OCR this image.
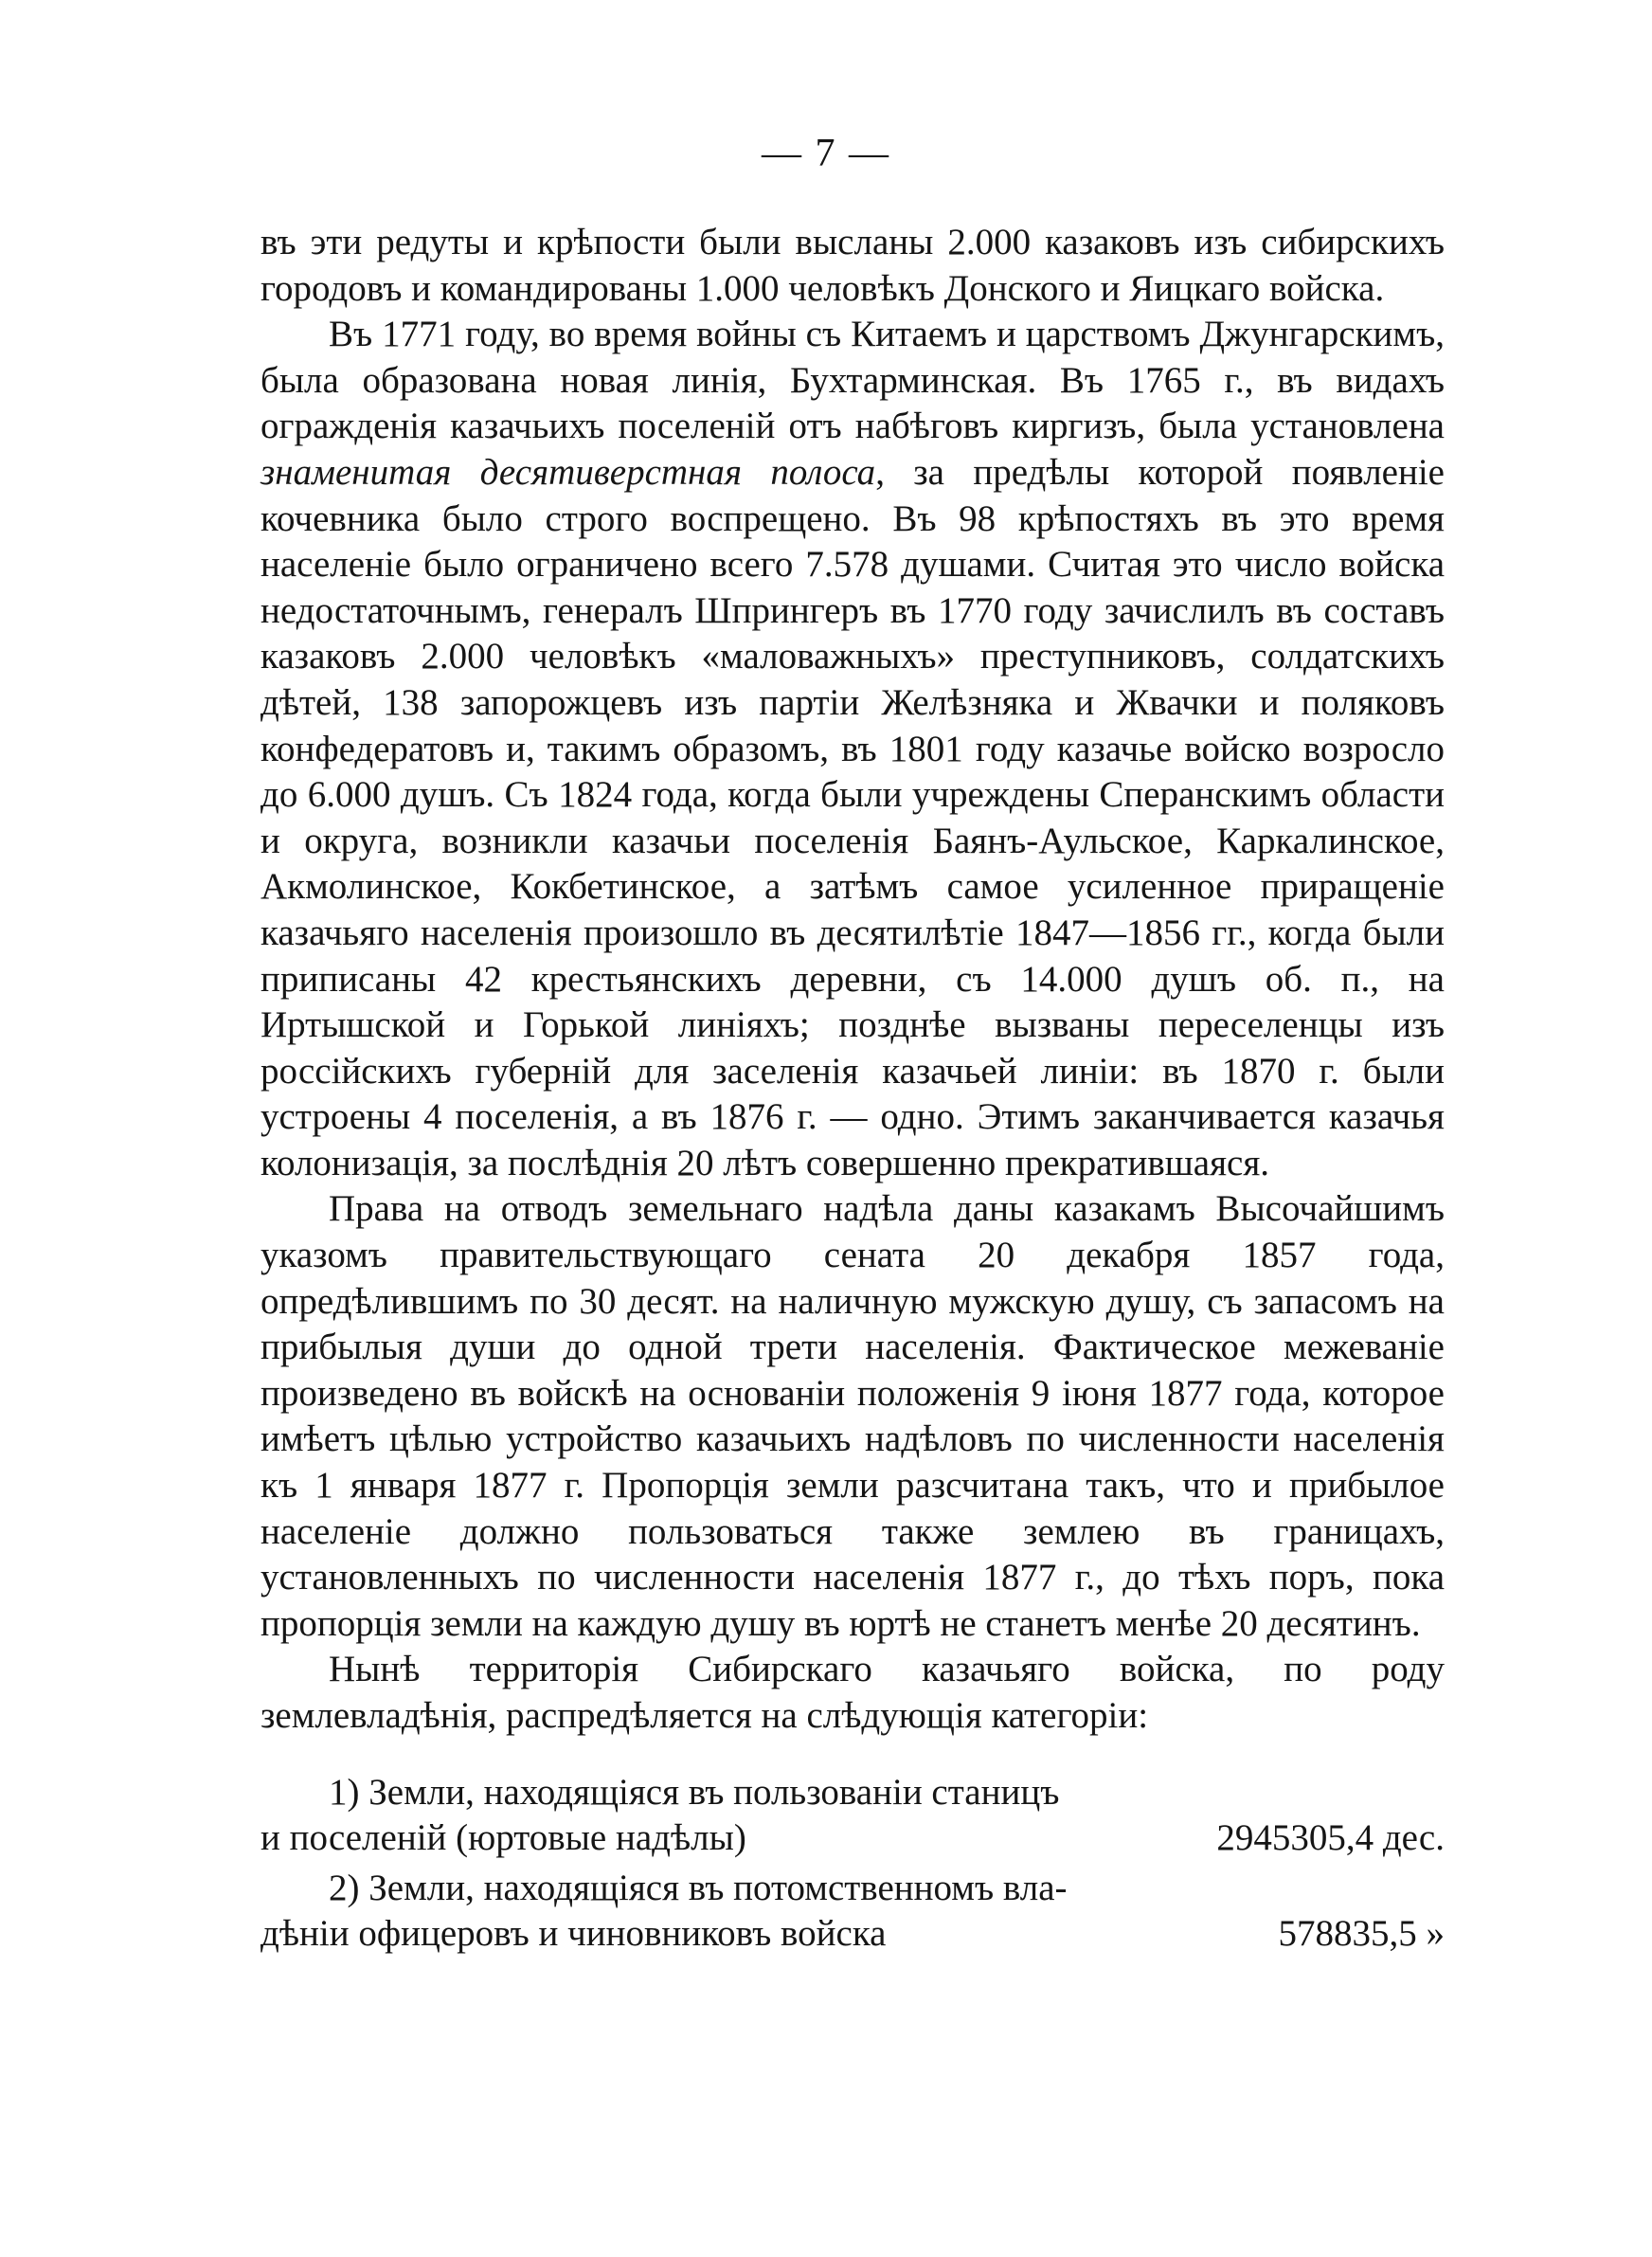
— 7 —

въ эти редуты и крѣпости были высланы 2.000 казаковъ изъ сибирскихъ городовъ и командированы 1.000 человѣкъ Донского и Яицкаго войска.

Въ 1771 году, во время войны съ Китаемъ и царствомъ Джунгарскимъ, была образована новая линія, Бухтарминская. Въ 1765 г., въ видахъ огражденія казачьихъ поселеній отъ набѣговъ киргизъ, была установлена знаменитая десятиверстная полоса, за предѣлы которой появленіе кочевника было строго воспрещено. Въ 98 крѣпостяхъ въ это время населеніе было ограничено всего 7.578 душами. Считая это число войска недостаточнымъ, генералъ Шпрингеръ въ 1770 году зачислилъ въ составъ казаковъ 2.000 человѣкъ «маловажныхъ» преступниковъ, солдатскихъ дѣтей, 138 запорожцевъ изъ партіи Желѣзняка и Жвачки и поляковъ конфедератовъ и, такимъ образомъ, въ 1801 году казачье войско возросло до 6.000 душъ. Съ 1824 года, когда были учреждены Сперанскимъ области и округа, возникли казачьи поселенія Баянъ-Аульское, Каркалинское, Акмолинское, Кокбетинское, а затѣмъ самое усиленное приращеніе казачьяго населенія произошло въ десятилѣтіе 1847—1856 гг., когда были приписаны 42 крестьянскихъ деревни, съ 14.000 душъ об. п., на Иртышской и Горькой линіяхъ; позднѣе вызваны переселенцы изъ россійскихъ губерній для заселенія казачьей линіи: въ 1870 г. были устроены 4 поселенія, а въ 1876 г. — одно. Этимъ заканчивается казачья колонизація, за послѣднія 20 лѣтъ совершенно прекратившаяся.

Права на отводъ земельнаго надѣла даны казакамъ Высочайшимъ указомъ правительствующаго сената 20 декабря 1857 года, опредѣлившимъ по 30 десят. на наличную мужскую душу, съ запасомъ на прибылыя души до одной трети населенія. Фактическое межеваніе произведено въ войскѣ на основаніи положенія 9 іюня 1877 года, которое имѣетъ цѣлью устройство казачьихъ надѣловъ по численности населенія къ 1 января 1877 г. Пропорція земли разсчитана такъ, что и прибылое населеніе должно пользоваться также землею въ границахъ, установленныхъ по численности населенія 1877 г., до тѣхъ поръ, пока пропорція земли на каждую душу въ юртѣ не станетъ менѣе 20 десятинъ.

Нынѣ территорія Сибирскаго казачьяго войска, по роду землевладѣнія, распредѣляется на слѣдующія категоріи:

1) Земли, находящіяся въ пользованіи станицъ
и поселеній (юртовые надѣлы)	2945305,4 дес.
2) Земли, находящіяся въ потомственномъ вла-
дѣніи офицеровъ и чиновниковъ войска	578835,5 »
